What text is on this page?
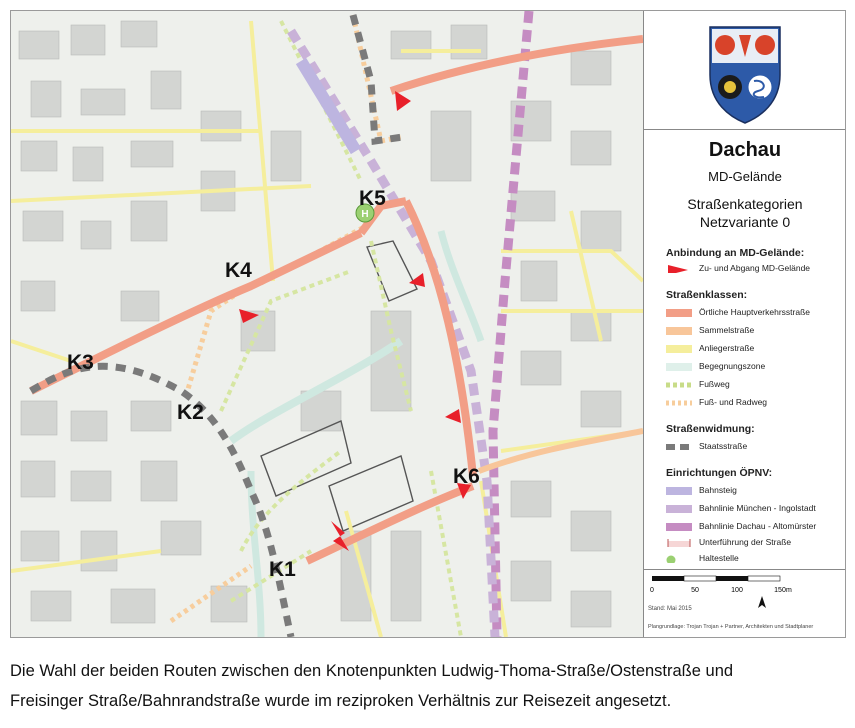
H
K1
K2
K3
K4
K5
K6
Dachau
MD-Gelände
Straßenkategorien
Netzvariante 0
Anbindung an MD-Gelände:
Zu- und Abgang MD-Gelände
Straßenklassen:
Örtliche Hauptverkehrsstraße
Sammelstraße
Anliegerstraße
Begegnungszone
Fußweg
Fuß- und Radweg
Straßenwidmung:
Staatsstraße
Einrichtungen ÖPNV:
Bahnsteig
Bahnlinie München - Ingolstadt
Bahnlinie Dachau - Altomürster
Unterführung der Straße
Haltestelle
0	50	100	150 m
Stand: Mai 2015
Plangrundlage: Trojan Trojan + Partner, Architekten und Stadtplaner
Die Wahl der beiden Routen zwischen den Knotenpunkten Ludwig-Thoma-Straße/Ostenstraße und
Freisinger Straße/Bahnrandstraße wurde im reziproken Verhältnis zur Reisezeit angesetzt.
